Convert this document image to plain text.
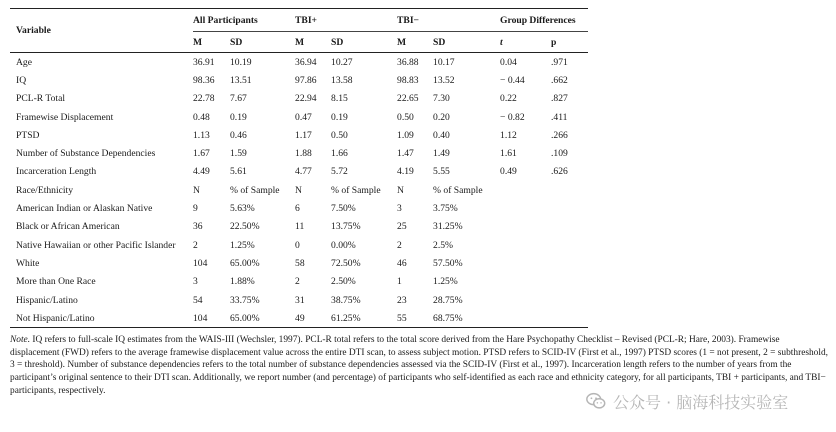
Variable	All Participants		TBI+		TBI−		Group Differences	
	M	SD	M	SD	M	SD	t	p
Age	36.91	10.19	36.94	10.27	36.88	10.17	0.04	.971
IQ	98.36	13.51	97.86	13.58	98.83	13.52	− 0.44	.662
PCL-R Total	22.78	7.67	22.94	8.15	22.65	7.30	0.22	.827
Framewise Displacement	0.48	0.19	0.47	0.19	0.50	0.20	− 0.82	.411
PTSD	1.13	0.46	1.17	0.50	1.09	0.40	1.12	.266
Number of Substance Dependencies	1.67	1.59	1.88	1.66	1.47	1.49	1.61	.109
Incarceration Length	4.49	5.61	4.77	5.72	4.19	5.55	0.49	.626
Race/Ethnicity	N	% of Sample	N	% of Sample	N	% of Sample		
American Indian or Alaskan Native	9	5.63%	6	7.50%	3	3.75%		
Black or African American	36	22.50%	11	13.75%	25	31.25%		
Native Hawaiian or other Pacific Islander	2	1.25%	0	0.00%	2	2.5%		
White	104	65.00%	58	72.50%	46	57.50%		
More than One Race	3	1.88%	2	2.50%	1	1.25%		
Hispanic/Latino	54	33.75%	31	38.75%	23	28.75%		
Not Hispanic/Latino	104	65.00%	49	61.25%	55	68.75%		
Note. IQ refers to full-scale IQ estimates from the WAIS-III (Wechsler, 1997). PCL-R total refers to the total score derived from the Hare Psychopathy Checklist – Revised (PCL-R; Hare, 2003). Framewise displacement (FWD) refers to the average framewise displacement value across the entire DTI scan, to assess subject motion. PTSD refers to SCID-IV (First et al., 1997) PTSD scores (1 = not present, 2 = subthreshold, 3 = threshold). Number of substance dependencies refers to the total number of substance dependencies assessed via the SCID-IV (First et al., 1997). Incarceration length refers to the number of years from the participant’s original sentence to their DTI scan. Additionally, we report number (and percentage) of participants who self-identified as each race and ethnicity category, for all participants, TBI + participants, and TBI− participants, respectively.
公众号 · 脑海科技实验室
